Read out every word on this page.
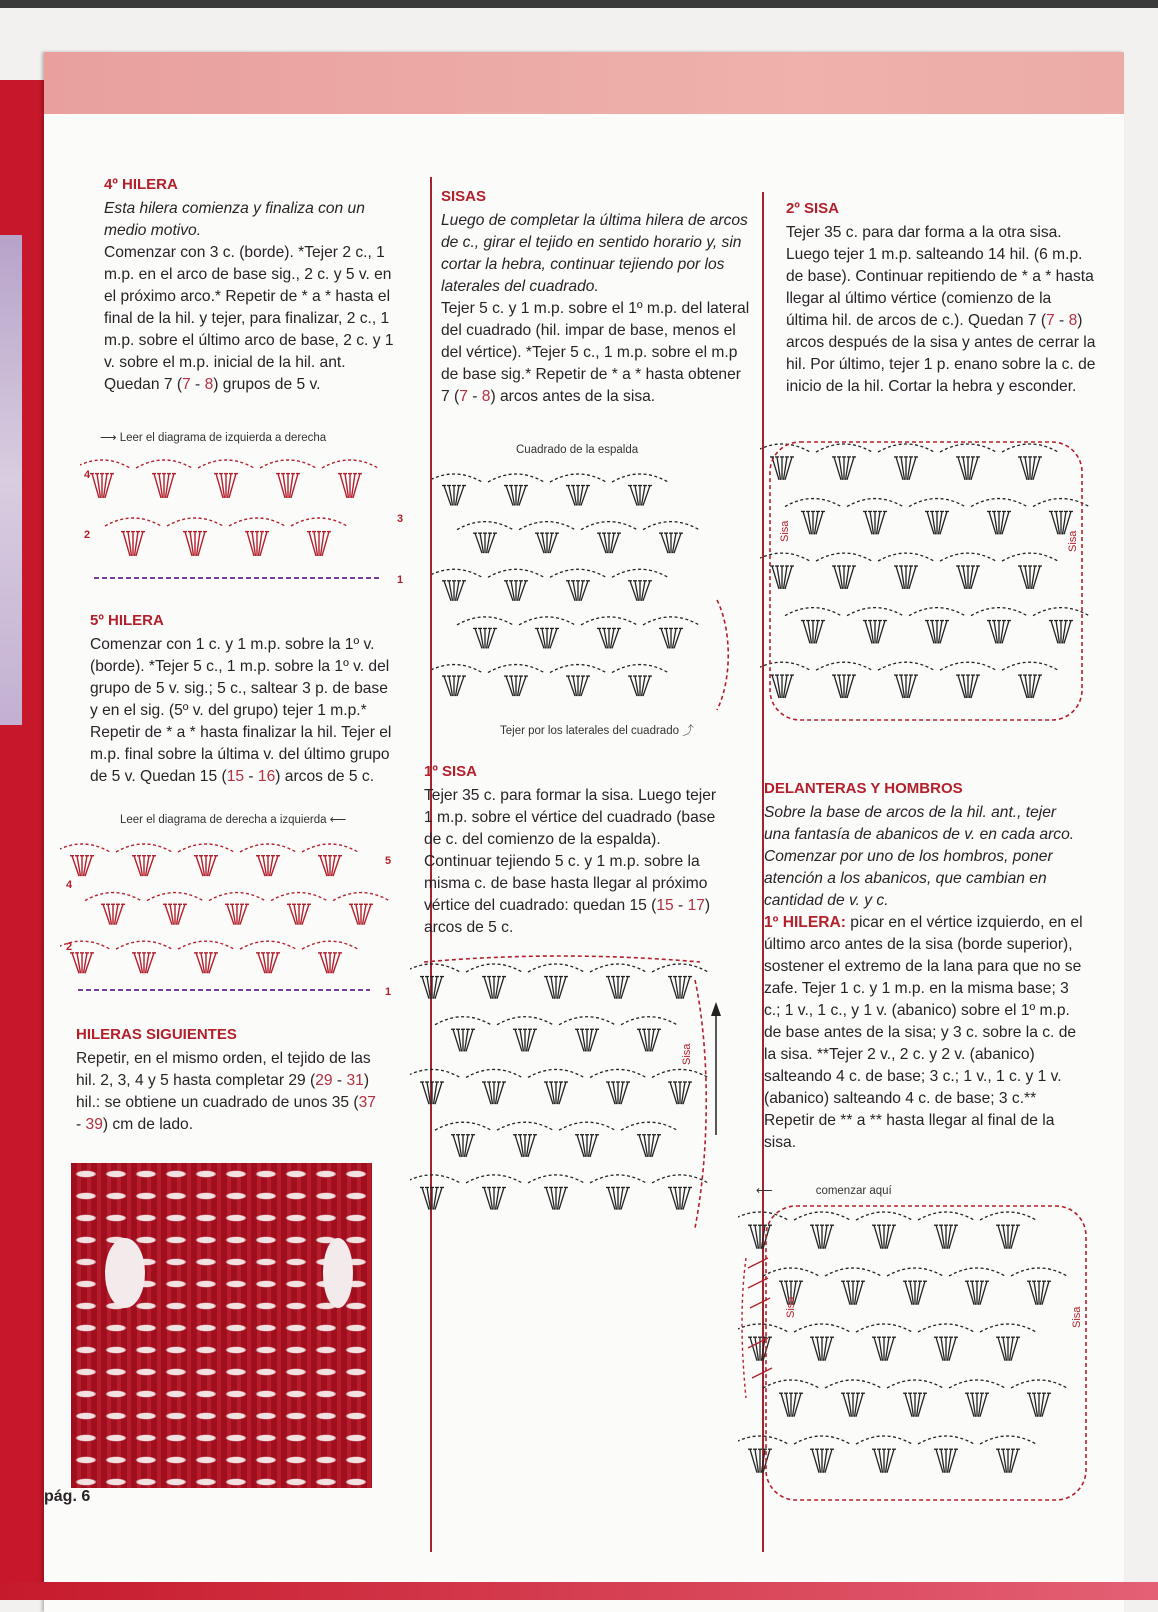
4º HILERA
Esta hilera comienza y finaliza con un medio motivo.
Comenzar con 3 c. (borde). *Tejer 2 c., 1 m.p. en el arco de base sig., 2 c. y 5 v. en el próximo arco.* Repetir de * a * hasta el final de la hil. y tejer, para finalizar, 2 c., 1 m.p. sobre el último arco de base, 2 c. y 1 v. sobre el m.p. inicial de la hil. ant. Quedan 7 (7 - 8) grupos de 5 v.
⟶ Leer el diagrama de izquierda a derecha
4
3
2
1
5º HILERA
Comenzar con 1 c. y 1 m.p. sobre la 1º v. (borde). *Tejer 5 c., 1 m.p. sobre la 1º v. del grupo de 5 v. sig.; 5 c., saltear 3 p. de base y en el sig. (5º v. del grupo) tejer 1 m.p.* Repetir de * a * hasta finalizar la hil. Tejer el m.p. final sobre la última v. del último grupo de 5 v. Quedan 15 (15 - 16) arcos de 5 c.
Leer el diagrama de derecha a izquierda ⟵
5
4
2
1
HILERAS SIGUIENTES
Repetir, en el mismo orden, el tejido de las hil. 2, 3, 4 y 5 hasta completar 29 (29 - 31) hil.: se obtiene un cuadrado de unos 35 (37 - 39) cm de lado.
SISAS
Luego de completar la última hilera de arcos de c., girar el tejido en sentido horario y, sin cortar la hebra, continuar tejiendo por los laterales del cuadrado.
Tejer 5 c. y 1 m.p. sobre el 1º m.p. del lateral del cuadrado (hil. impar de base, menos el del vértice). *Tejer 5 c., 1 m.p. sobre el m.p de base sig.* Repetir de * a * hasta obtener 7 (7 - 8) arcos antes de la sisa.
Cuadrado de la espalda
Tejer por los laterales del cuadrado ⤴
1º SISA
Tejer 35 c. para formar la sisa. Luego tejer 1 m.p. sobre el vértice del cuadrado (base de c. del comienzo de la espalda). Continuar tejiendo 5 c. y 1 m.p. sobre la misma c. de base hasta llegar al próximo vértice del cuadrado: quedan 15 (15 - 17) arcos de 5 c.
Sisa
2º SISA
Tejer 35 c. para dar forma a la otra sisa. Luego tejer 1 m.p. salteando 14 hil. (6 m.p. de base). Continuar repitiendo de * a * hasta llegar al último vértice (comienzo de la última hil. de arcos de c.). Quedan 7 (7 - 8) arcos después de la sisa y antes de cerrar la hil. Por último, tejer 1 p. enano sobre la c. de inicio de la hil. Cortar la hebra y esconder.
Sisa	Sisa
DELANTERAS Y HOMBROS
Sobre la base de arcos de la hil. ant., tejer una fantasía de abanicos de v. en cada arco. Comenzar por uno de los hombros, poner atención a los abanicos, que cambian en cantidad de v. y c.
1º HILERA: picar en el vértice izquierdo, en el último arco antes de la sisa (borde superior), sostener el extremo de la lana para que no se zafe. Tejer 1 c. y 1 m.p. en la misma base; 3 c.; 1 v., 1 c., y 1 v. (abanico) sobre el 1º m.p. de base antes de la sisa; y 3 c. sobre la c. de la sisa. **Tejer 2 v., 2 c. y 2 v. (abanico) salteando 4 c. de base; 3 c.; 1 v., 1 c. y 1 v. (abanico) salteando 4 c. de base; 3 c.** Repetir de ** a ** hasta llegar al final de la sisa.
⟵	comenzar aquí
Sisa	Sisa
pág. 6
